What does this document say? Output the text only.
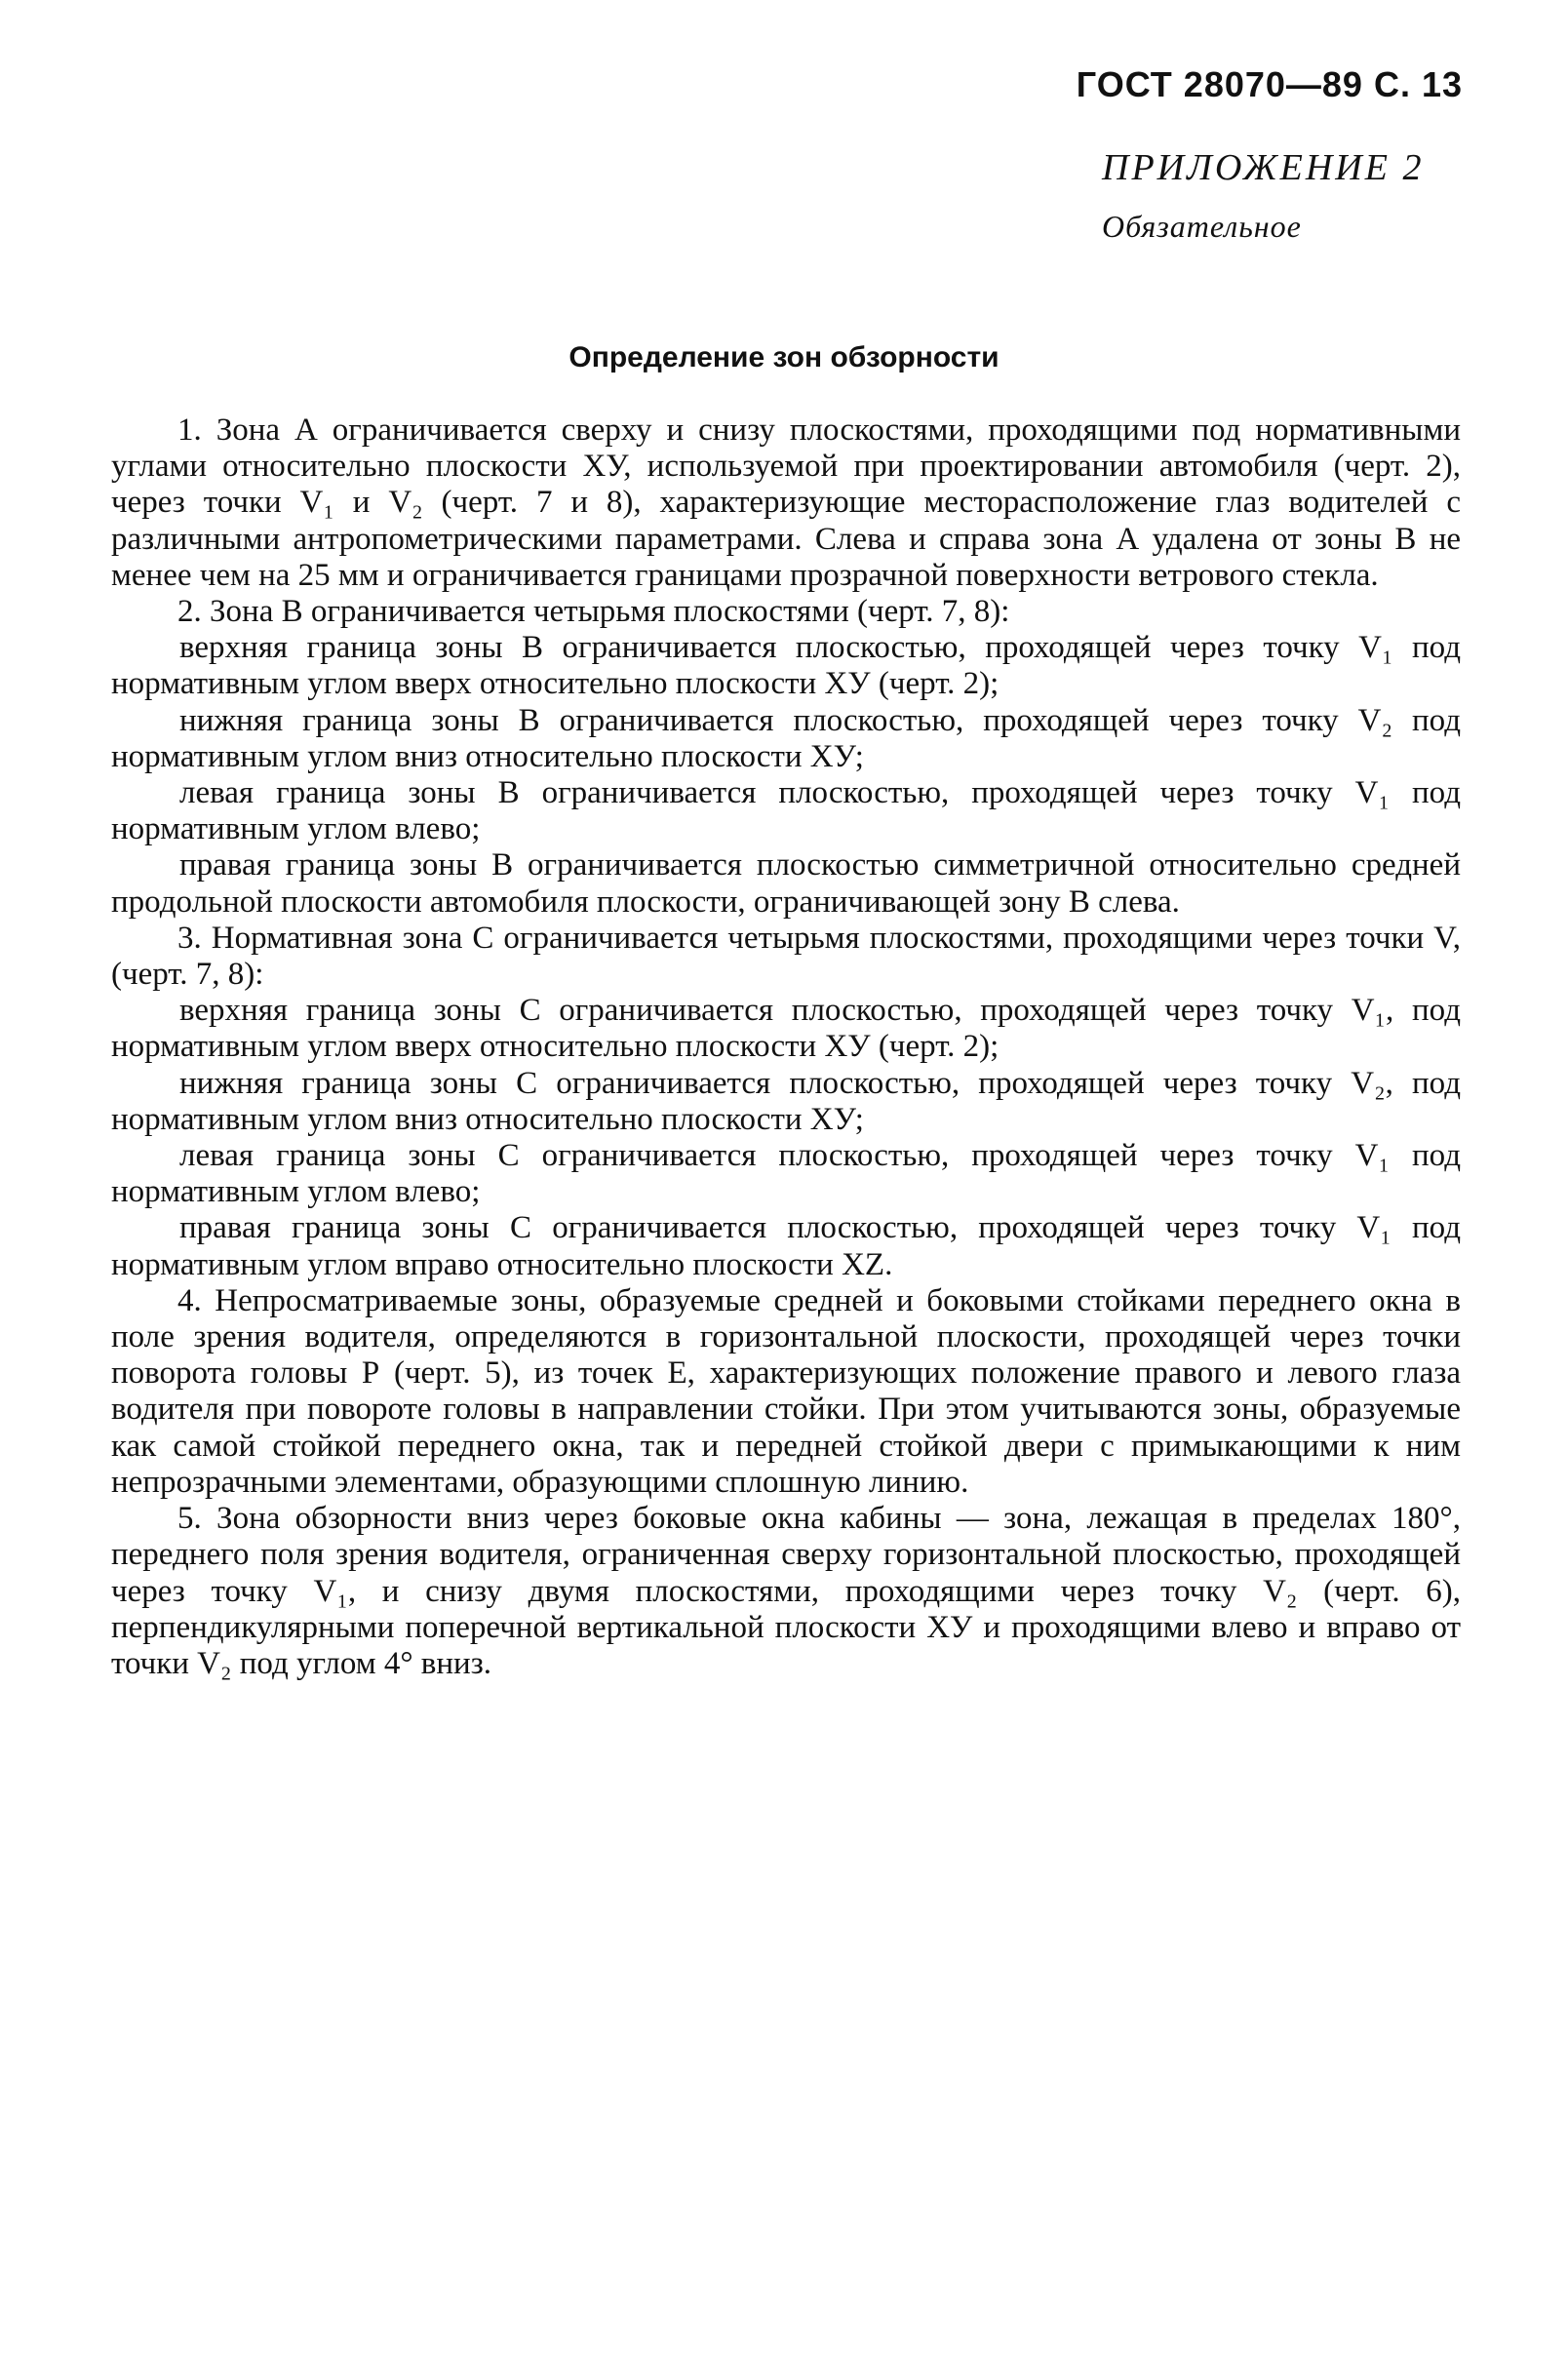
ГОСТ 28070—89 С. 13
ПРИЛОЖЕНИЕ 2
Обязательное
Определение зон обзорности

1. Зона А ограничивается сверху и снизу плоскостями, проходящими под нормативными углами относительно плоскости ХУ, используемой при проектировании автомобиля (черт. 2), через точки V₁ и V₂ (черт. 7 и 8), характеризующие месторасположение глаз водителей с различными антропометрическими параметрами. Слева и справа зона А удалена от зоны В не менее чем на 25 мм и ограничивается границами прозрачной поверхности ветрового стекла.

2. Зона В ограничивается четырьмя плоскостями (черт. 7, 8):

верхняя граница зоны В ограничивается плоскостью, проходящей через точку V₁ под нормативным углом вверх относительно плоскости ХУ (черт. 2);

нижняя граница зоны В ограничивается плоскостью, проходящей через точку V₂ под нормативным углом вниз относительно плоскости ХУ;

левая граница зоны В ограничивается плоскостью, проходящей через точку V₁ под нормативным углом влево;

правая граница зоны В ограничивается плоскостью симметричной относительно средней продольной плоскости автомобиля плоскости, ограничивающей зону В слева.

3. Нормативная зона С ограничивается четырьмя плоскостями, проходящими через точки V, (черт. 7, 8):

верхняя граница зоны С ограничивается плоскостью, проходящей через точку V₁, под нормативным углом вверх относительно плоскости ХУ (черт. 2);

нижняя граница зоны С ограничивается плоскостью, проходящей через точку V₂, под нормативным углом вниз относительно плоскости ХУ;

левая граница зоны С ограничивается плоскостью, проходящей через точку V₁ под нормативным углом влево;

правая граница зоны С ограничивается плоскостью, проходящей через точку V₁ под нормативным углом вправо относительно плоскости XZ.

4. Непросматриваемые зоны, образуемые средней и боковыми стойками переднего окна в поле зрения водителя, определяются в горизонтальной плоскости, проходящей через точки поворота головы Р (черт. 5), из точек Е, характеризующих положение правого и левого глаза водителя при повороте головы в направлении стойки. При этом учитываются зоны, образуемые как самой стойкой переднего окна, так и передней стойкой двери с примыкающими к ним непрозрачными элементами, образующими сплошную линию.

5. Зона обзорности вниз через боковые окна кабины — зона, лежащая в пределах 180°, переднего поля зрения водителя, ограниченная сверху горизонтальной плоскостью, проходящей через точку V₁, и снизу двумя плоскостями, проходящими через точку V₂ (черт. 6), перпендикулярными поперечной вертикальной плоскости ХУ и проходящими влево и вправо от точки V₂ под углом 4° вниз.
